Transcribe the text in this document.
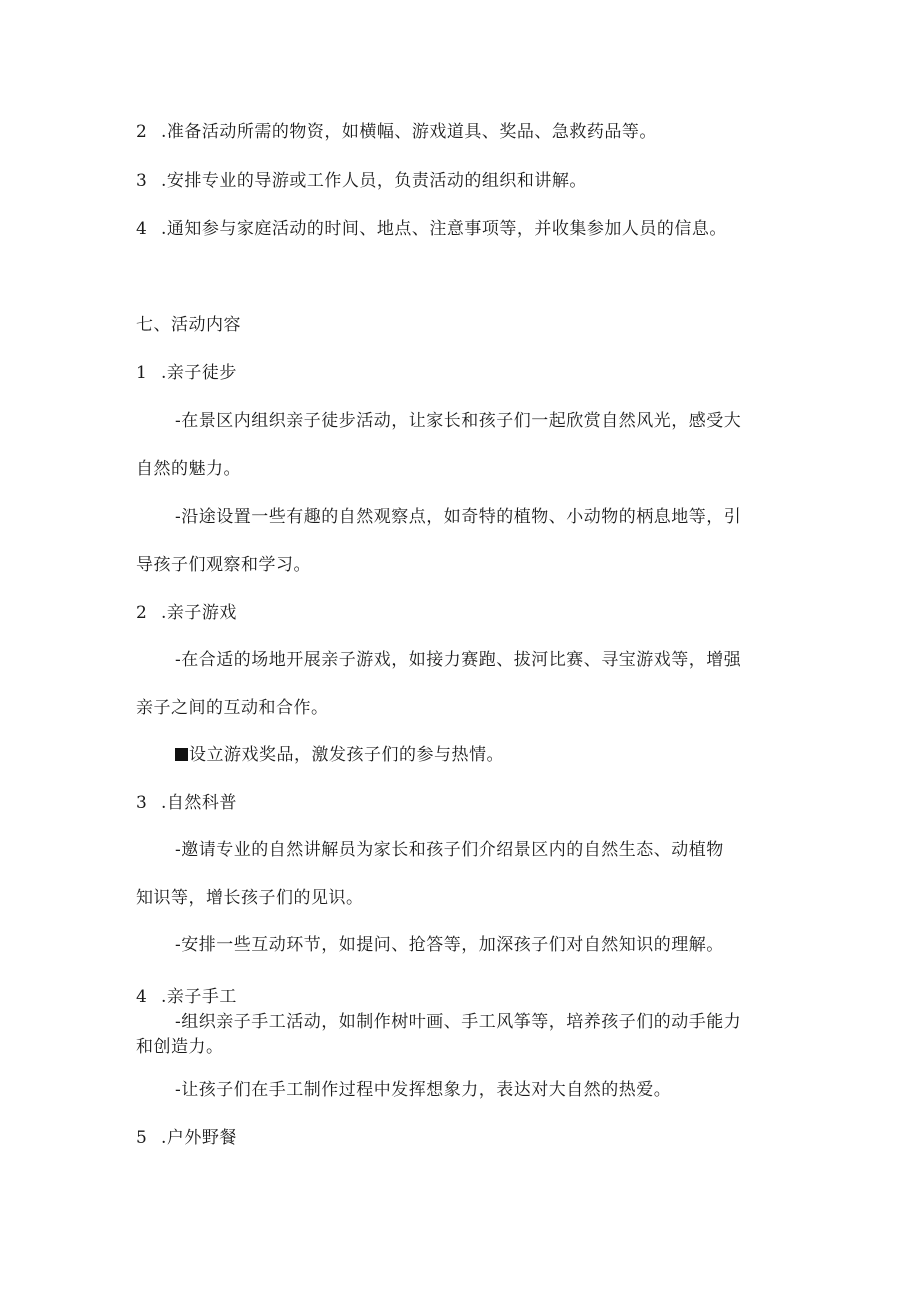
2 .准备活动所需的物资，如横幅、游戏道具、奖品、急救药品等。
3 .安排专业的导游或工作人员，负责活动的组织和讲解。
4 .通知参与家庭活动的时间、地点、注意事项等，并收集参加人员的信息。
七、活动内容
1 .亲子徒步
-在景区内组织亲子徒步活动，让家长和孩子们一起欣赏自然风光，感受大
自然的魅力。
-沿途设置一些有趣的自然观察点，如奇特的植物、小动物的柄息地等，引
导孩子们观察和学习。
2 .亲子游戏
-在合适的场地开展亲子游戏，如接力赛跑、拔河比赛、寻宝游戏等，增强
亲子之间的互动和合作。
设立游戏奖品，激发孩子们的参与热情。
3 .自然科普
-邀请专业的自然讲解员为家长和孩子们介绍景区内的自然生态、动植物
知识等，增长孩子们的见识。
-安排一些互动环节，如提问、抢答等，加深孩子们对自然知识的理解。
4 .亲子手工
-组织亲子手工活动，如制作树叶画、手工风筝等，培养孩子们的动手能力
和创造力。
-让孩子们在手工制作过程中发挥想象力，表达对大自然的热爱。
5 .户外野餐
